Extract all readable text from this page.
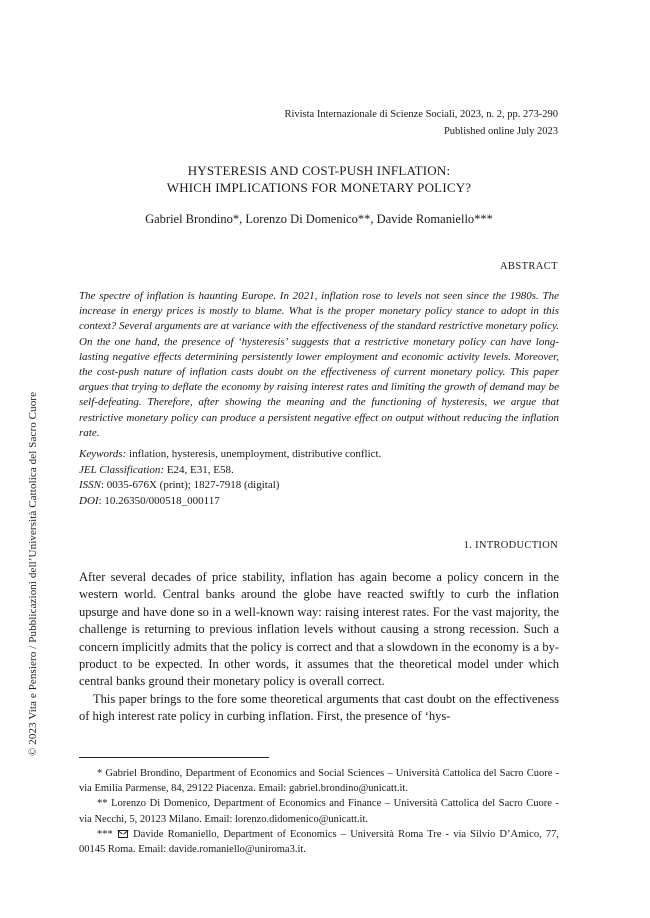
© 2023 Vita e Pensiero / Pubblicazioni dell’Università Cattolica del Sacro Cuore
Rivista Internazionale di Scienze Sociali, 2023, n. 2, pp. 273-290
Published online July 2023
HYSTERESIS AND COST-PUSH INFLATION:
WHICH IMPLICATIONS FOR MONETARY POLICY?
Gabriel Brondino*, Lorenzo Di Domenico**, Davide Romaniello***
ABSTRACT
The spectre of inflation is haunting Europe. In 2021, inflation rose to levels not seen since the 1980s. The increase in energy prices is mostly to blame. What is the proper monetary policy stance to adopt in this context? Several arguments are at variance with the effectiveness of the standard restrictive monetary policy. On the one hand, the presence of ‘hysteresis’ suggests that a restrictive monetary policy can have long-lasting negative effects determining persistently lower employment and economic activity levels. Moreover, the cost-push nature of inflation casts doubt on the effectiveness of current monetary policy. This paper argues that trying to deflate the economy by raising interest rates and limiting the growth of demand may be self-defeating. Therefore, after showing the meaning and the functioning of hysteresis, we argue that restrictive monetary policy can produce a persistent negative effect on output without reducing the inflation rate.
Keywords: inflation, hysteresis, unemployment, distributive conflict.
JEL Classification: E24, E31, E58.
ISSN: 0035-676X (print); 1827-7918 (digital)
DOI: 10.26350/000518_000117
1. INTRODUCTION

After several decades of price stability, inflation has again become a policy concern in the western world. Central banks around the globe have reacted swiftly to curb the inflation upsurge and have done so in a well-known way: raising interest rates. For the vast majority, the challenge is returning to previous inflation levels without causing a strong recession. Such a concern implicitly admits that the policy is correct and that a slowdown in the economy is a by-product to be expected. In other words, it assumes that the theoretical model under which central banks ground their monetary policy is overall correct.

This paper brings to the fore some theoretical arguments that cast doubt on the effectiveness of high interest rate policy in curbing inflation. First, the presence of ‘hys-

* Gabriel Brondino, Department of Economics and Social Sciences – Università Cattolica del Sacro Cuore - via Emilia Parmense, 84, 29122 Piacenza. Email: gabriel.brondino@unicatt.it.

** Lorenzo Di Domenico, Department of Economics and Finance – Università Cattolica del Sacro Cuore - via Necchi, 5, 20123 Milano. Email: lorenzo.didomenico@unicatt.it.

***  Davide Romaniello, Department of Economics – Università Roma Tre - via Silvio D’Amico, 77, 00145 Roma. Email: davide.romaniello@uniroma3.it.
